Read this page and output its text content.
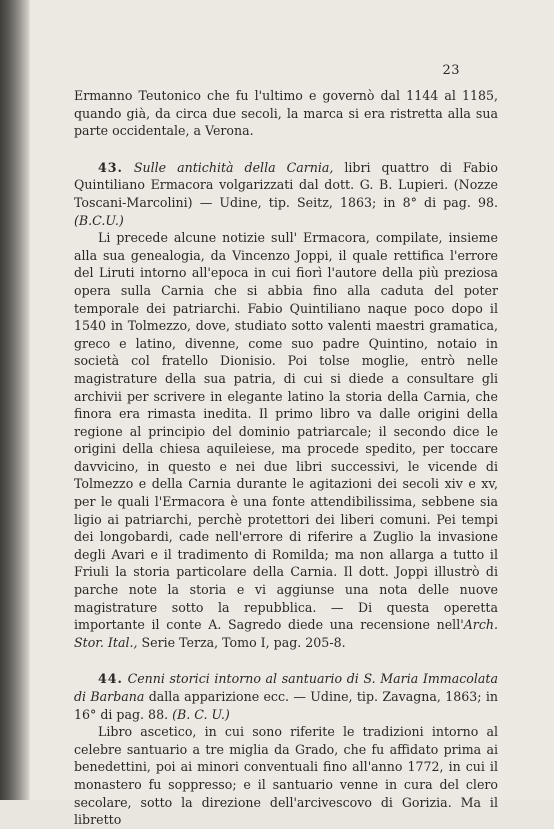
23

Ermanno Teutonico che fu l'ultimo e governò dal 1144 al 1185, quando già, da circa due secoli, la marca si era ristretta alla sua parte occidentale, a Verona.

43. Sulle antichità della Carnia, libri quattro di Fabio Quintiliano Ermacora volgarizzati dal dott. G. B. Lupieri. (Nozze Toscani-Marcolini) — Udine, tip. Seitz, 1863; in 8° di pag. 98. (B.C.U.)

Li precede alcune notizie sull' Ermacora, compilate, insieme alla sua genealogia, da Vincenzo Joppi, il quale rettifica l'errore del Liruti intorno all'epoca in cui fiorì l'autore della più preziosa opera sulla Carnia che si abbia fino alla caduta del poter temporale dei patriarchi. Fabio Quintiliano naque poco dopo il 1540 in Tolmezzo, dove, studiato sotto valenti maestri gramatica, greco e latino, divenne, come suo padre Quintino, notaio in società col fratello Dionisio. Poi tolse moglie, entrò nelle magistrature della sua patria, di cui si diede a consultare gli archivii per scrivere in elegante latino la storia della Carnia, che finora era rimasta inedita. Il primo libro va dalle origini della regione al principio del dominio patriarcale; il secondo dice le origini della chiesa aquileiese, ma procede spedito, per toccare davvicino, in questo e nei due libri successivi, le vicende di Tolmezzo e della Carnia durante le agitazioni dei secoli xiv e xv, per le quali l'Ermacora è una fonte attendibilissima, sebbene sia ligio ai patriarchi, perchè protettori dei liberi comuni. Pei tempi dei longobardi, cade nell'errore di riferire a Zuglio la invasione degli Avari e il tradimento di Romilda; ma non allarga a tutto il Friuli la storia particolare della Carnia. Il dott. Joppi illustrò di parche note la storia e vi aggiunse una nota delle nuove magistrature sotto la repubblica. — Di questa operetta importante il conte A. Sagredo diede una recensione nell'Arch. Stor. Ital., Serie Terza, Tomo I, pag. 205-8.

44. Cenni storici intorno al santuario di S. Maria Immacolata di Barbana dalla apparizione ecc. — Udine, tip. Zavagna, 1863; in 16° di pag. 88. (B. C. U.)

Libro ascetico, in cui sono riferite le tradizioni intorno al celebre santuario a tre miglia da Grado, che fu affidato prima ai benedettini, poi ai minori conventuali fino all'anno 1772, in cui il monastero fu soppresso; e il santuario venne in cura del clero secolare, sotto la direzione dell'arcivescovo di Gorizia. Ma il libretto
